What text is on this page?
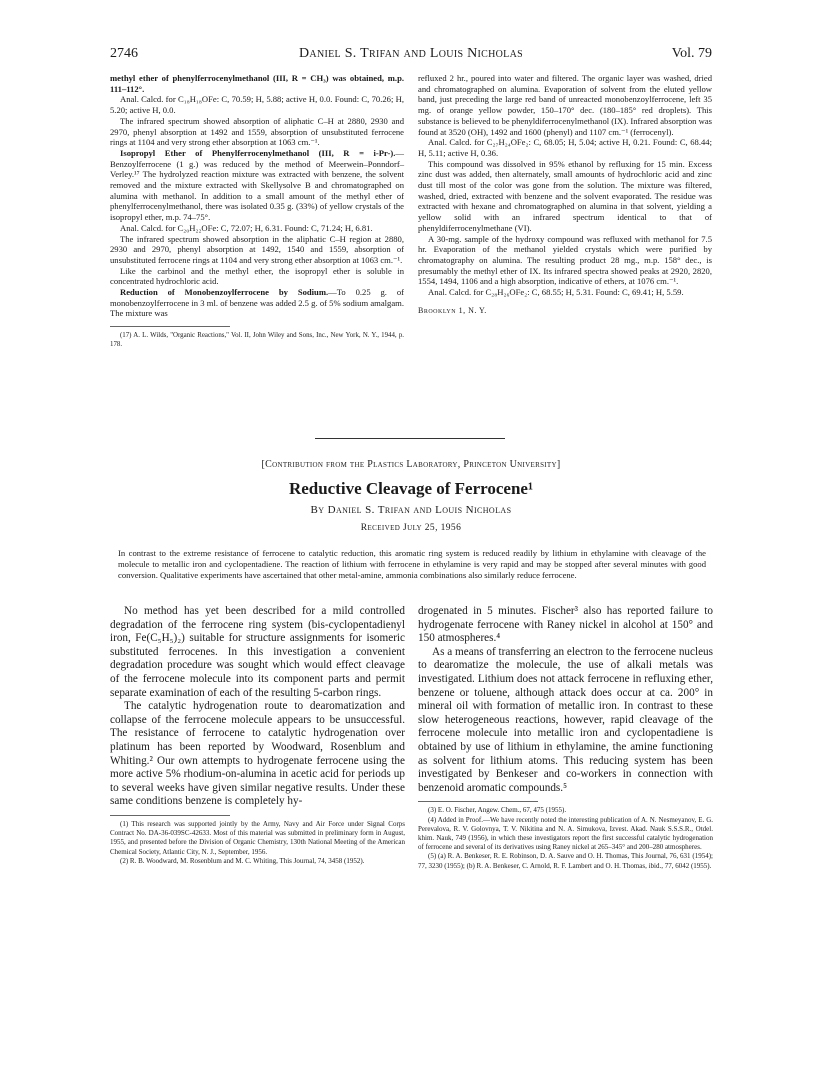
2746	Daniel S. Trifan and Louis Nicholas	Vol. 79

methyl ether of phenylferrocenylmethanol (III, R = CH₃) was obtained, m.p. 111–112°.

Anal. Calcd. for C₁₈H₁₈OFe: C, 70.59; H, 5.88; active H, 0.0. Found: C, 70.26; H, 5.20; active H, 0.0.

The infrared spectrum showed absorption of aliphatic C–H at 2880, 2930 and 2970, phenyl absorption at 1492 and 1559, absorption of unsubstituted ferrocene rings at 1104 and very strong ether absorption at 1063 cm.⁻¹.

Isopropyl Ether of Phenylferrocenylmethanol (III, R = i-Pr-).—Benzoylferrocene (1 g.) was reduced by the method of Meerwein–Ponndorf–Verley.¹⁷ The hydrolyzed reaction mixture was extracted with benzene, the solvent removed and the mixture extracted with Skellysolve B and chromatographed on alumina with methanol. In addition to a small amount of the methyl ether of phenylferrocenylmethanol, there was isolated 0.35 g. (33%) of yellow crystals of the isopropyl ether, m.p. 74–75°.

Anal. Calcd. for C₂₀H₂₂OFe: C, 72.07; H, 6.31. Found: C, 71.24; H, 6.81.

The infrared spectrum showed absorption in the aliphatic C–H region at 2880, 2930 and 2970, phenyl absorption at 1492, 1540 and 1559, absorption of unsubstituted ferrocene rings at 1104 and very strong ether absorption at 1063 cm.⁻¹.

Like the carbinol and the methyl ether, the isopropyl ether is soluble in concentrated hydrochloric acid.

Reduction of Monobenzoylferrocene by Sodium.—To 0.25 g. of monobenzoylferrocene in 3 ml. of benzene was added 2.5 g. of 5% sodium amalgam. The mixture was

(17) A. L. Wilds, "Organic Reactions," Vol. II, John Wiley and Sons, Inc., New York, N. Y., 1944, p. 178.

refluxed 2 hr., poured into water and filtered. The organic layer was washed, dried and chromatographed on alumina. Evaporation of solvent from the eluted yellow band, just preceding the large red band of unreacted monobenzoylferrocene, left 35 mg. of orange yellow powder, 150–170° dec. (180–185° red droplets). This substance is believed to be phenyldiferrocenylmethanol (IX). Infrared absorption was found at 3520 (OH), 1492 and 1600 (phenyl) and 1107 cm.⁻¹ (ferrocenyl).

Anal. Calcd. for C₂₇H₂₄OFe₂: C, 68.05; H, 5.04; active H, 0.21. Found: C, 68.44; H, 5.11; active H, 0.36.

This compound was dissolved in 95% ethanol by refluxing for 15 min. Excess zinc dust was added, then alternately, small amounts of hydrochloric acid and zinc dust till most of the color was gone from the solution. The mixture was filtered, washed, dried, extracted with benzene and the solvent evaporated. The residue was extracted with hexane and chromatographed on alumina in that solvent, yielding a yellow solid with an infrared spectrum identical to that of phenyldiferrocenylmethane (VI).

A 30-mg. sample of the hydroxy compound was refluxed with methanol for 7.5 hr. Evaporation of the methanol yielded crystals which were purified by chromatography on alumina. The resulting product 28 mg., m.p. 158° dec., is presumably the methyl ether of IX. Its infrared spectra showed peaks at 2920, 2820, 1554, 1494, 1106 and a high absorption, indicative of ethers, at 1076 cm.⁻¹.

Anal. Calcd. for C₂₈H₂₆OFe₂: C, 68.55; H, 5.31. Found: C, 69.41; H, 5.59.

Brooklyn 1, N. Y.

[Contribution from the Plastics Laboratory, Princeton University]
Reductive Cleavage of Ferrocene¹
By Daniel S. Trifan and Louis Nicholas
Received July 25, 1956
In contrast to the extreme resistance of ferrocene to catalytic reduction, this aromatic ring system is reduced readily by lithium in ethylamine with cleavage of the molecule to metallic iron and cyclopentadiene. The reaction of lithium with ferrocene in ethylamine is very rapid and may be stopped after several minutes with good conversion. Qualitative experiments have ascertained that other metal-amine, ammonia combinations also similarly reduce ferrocene.

No method has yet been described for a mild controlled degradation of the ferrocene ring system (bis-cyclopentadienyl iron, Fe(C₅H₅)₂) suitable for structure assignments for isomeric substituted ferrocenes. In this investigation a convenient degradation procedure was sought which would effect cleavage of the ferrocene molecule into its component parts and permit separate examination of each of the resulting 5-carbon rings.

The catalytic hydrogenation route to dearomatization and collapse of the ferrocene molecule appears to be unsuccessful. The resistance of ferrocene to catalytic hydrogenation over platinum has been reported by Woodward, Rosenblum and Whiting.² Our own attempts to hydrogenate ferrocene using the more active 5% rhodium-on-alumina in acetic acid for periods up to several weeks have given similar negative results. Under these same conditions benzene is completely hy-

(1) This research was supported jointly by the Army, Navy and Air Force under Signal Corps Contract No. DA-36-039SC-42633. Most of this material was submitted in preliminary form in August, 1955, and presented before the Division of Organic Chemistry, 130th National Meeting of the American Chemical Society, Atlantic City, N. J., September, 1956.

(2) R. B. Woodward, M. Rosenblum and M. C. Whiting, This Journal, 74, 3458 (1952).

drogenated in 5 minutes. Fischer³ also has reported failure to hydrogenate ferrocene with Raney nickel in alcohol at 150° and 150 atmospheres.⁴

As a means of transferring an electron to the ferrocene nucleus to dearomatize the molecule, the use of alkali metals was investigated. Lithium does not attack ferrocene in refluxing ether, benzene or toluene, although attack does occur at ca. 200° in mineral oil with formation of metallic iron. In contrast to these slow heterogeneous reactions, however, rapid cleavage of the ferrocene molecule into metallic iron and cyclopentadiene is obtained by use of lithium in ethylamine, the amine functioning as solvent for lithium atoms. This reducing system has been investigated by Benkeser and co-workers in connection with benzenoid aromatic compounds.⁵

(3) E. O. Fischer, Angew. Chem., 67, 475 (1955).

(4) Added in Proof.—We have recently noted the interesting publication of A. N. Nesmeyanov, E. G. Perevalova, R. V. Golovnya, T. V. Nikitina and N. A. Simukova, Izvest. Akad. Nauk S.S.S.R., Otdel. khim. Nauk, 749 (1956), in which these investigators report the first successful catalytic hydrogenation of ferrocene and several of its derivatives using Raney nickel at 265–345° and 200–280 atmospheres.

(5) (a) R. A. Benkeser, R. E. Robinson, D. A. Sauve and O. H. Thomas, This Journal, 76, 631 (1954); 77, 3230 (1955); (b) R. A. Benkeser, C. Arnold, R. F. Lambert and O. H. Thomas, ibid., 77, 6042 (1955).
